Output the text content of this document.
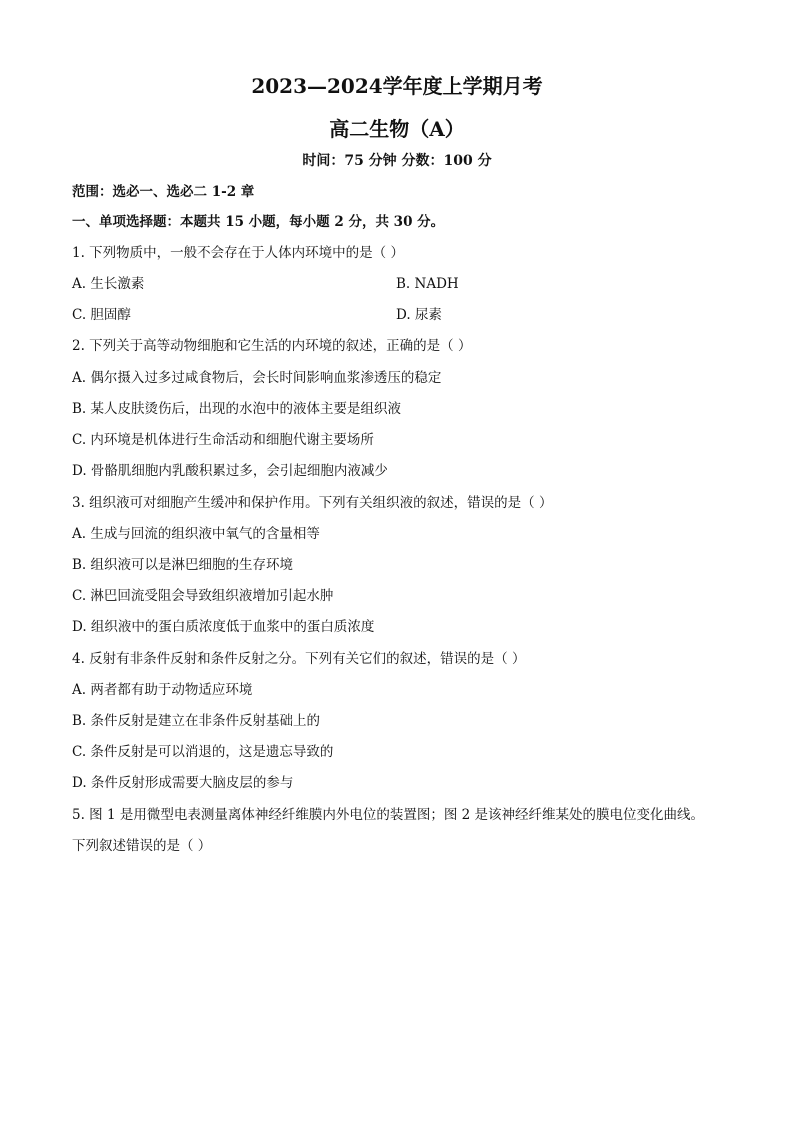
2023—2024学年度上学期月考
高二生物（A）
时间：75 分钟 分数：100 分
范围：选必一、选必二 1-2 章
一、单项选择题：本题共 15 小题，每小题 2 分，共 30 分。
1. 下列物质中，一般不会存在于人体内环境中的是（ ）
A. 生长激素	B. NADH
C. 胆固醇	D. 尿素
2. 下列关于高等动物细胞和它生活的内环境的叙述，正确的是（ ）
A. 偶尔摄入过多过咸食物后，会长时间影响血浆渗透压的稳定
B. 某人皮肤烫伤后，出现的水泡中的液体主要是组织液
C. 内环境是机体进行生命活动和细胞代谢主要场所
D. 骨骼肌细胞内乳酸积累过多，会引起细胞内液减少
3. 组织液可对细胞产生缓冲和保护作用。下列有关组织液的叙述，错误的是（ ）
A. 生成与回流的组织液中氧气的含量相等
B. 组织液可以是淋巴细胞的生存环境
C. 淋巴回流受阻会导致组织液增加引起水肿
D. 组织液中的蛋白质浓度低于血浆中的蛋白质浓度
4. 反射有非条件反射和条件反射之分。下列有关它们的叙述，错误的是（ ）
A. 两者都有助于动物适应环境
B. 条件反射是建立在非条件反射基础上的
C. 条件反射是可以消退的，这是遗忘导致的
D. 条件反射形成需要大脑皮层的参与
5. 图 1 是用微型电表测量离体神经纤维膜内外电位的装置图；图 2 是该神经纤维某处的膜电位变化曲线。
下列叙述错误的是（ ）
